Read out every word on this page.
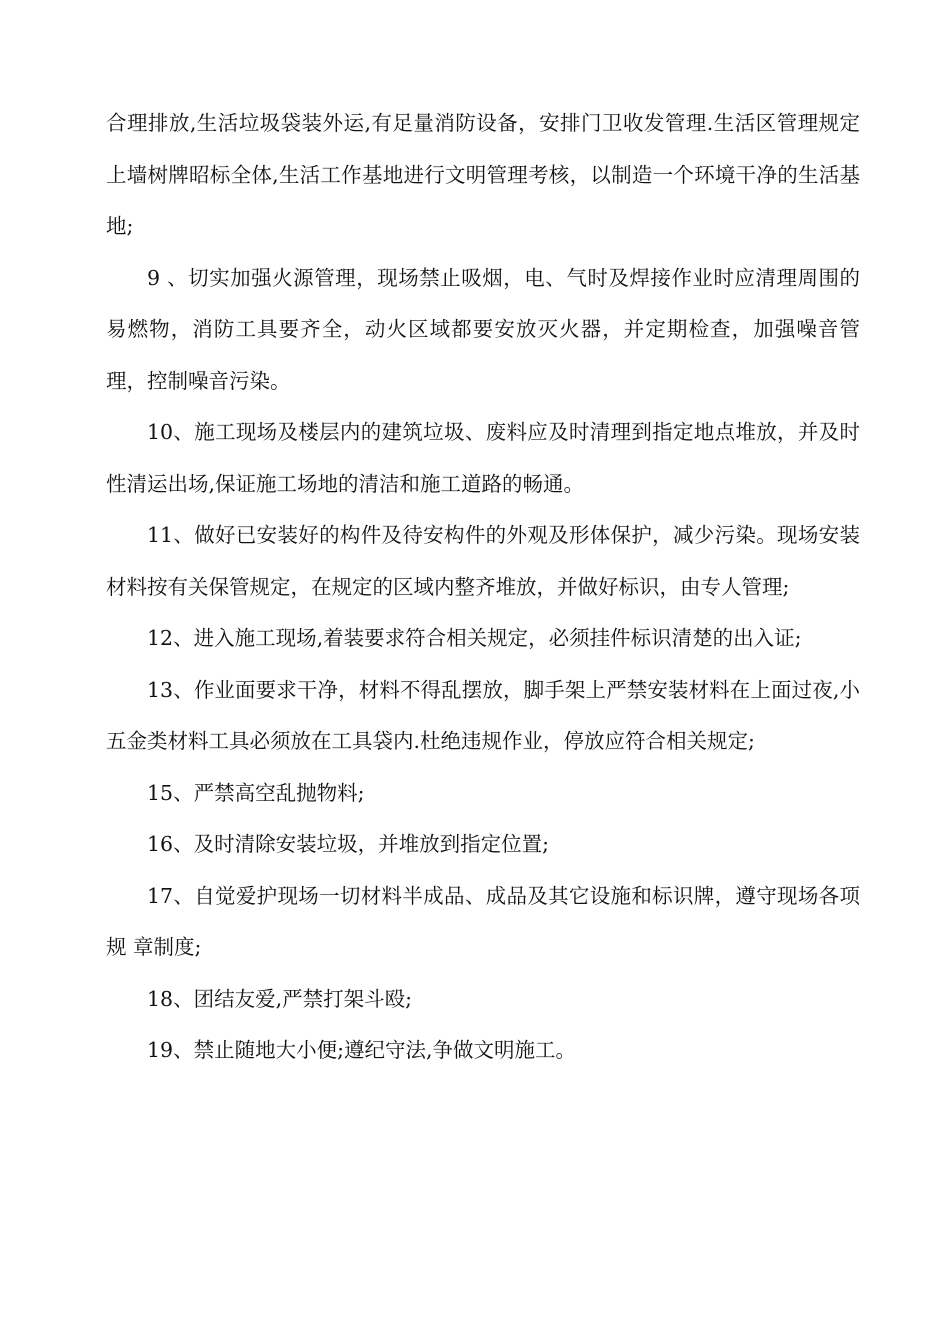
合理排放,生活垃圾袋装外运,有足量消防设备，安排门卫收发管理.生活区管理规定上墙树牌昭标全体,生活工作基地进行文明管理考核，以制造一个环境干净的生活基地;

9 、切实加强火源管理，现场禁止吸烟，电、气时及焊接作业时应清理周围的易燃物，消防工具要齐全，动火区域都要安放灭火器，并定期检查，加强噪音管理，控制噪音污染。

10、施工现场及楼层内的建筑垃圾、废料应及时清理到指定地点堆放，并及时性清运出场,保证施工场地的清洁和施工道路的畅通。

11、做好已安装好的构件及待安构件的外观及形体保护，减少污染。现场安装材料按有关保管规定，在规定的区域内整齐堆放，并做好标识，由专人管理;

12、进入施工现场,着装要求符合相关规定，必须挂件标识清楚的出入证;

13、作业面要求干净，材料不得乱摆放，脚手架上严禁安装材料在上面过夜,小五金类材料工具必须放在工具袋内.杜绝违规作业，停放应符合相关规定;

15、严禁高空乱抛物料;

16、及时清除安装垃圾，并堆放到指定位置;

17、自觉爱护现场一切材料半成品、成品及其它设施和标识牌，遵守现场各项规 章制度;

18、团结友爱,严禁打架斗殴;

19、禁止随地大小便;遵纪守法,争做文明施工。
